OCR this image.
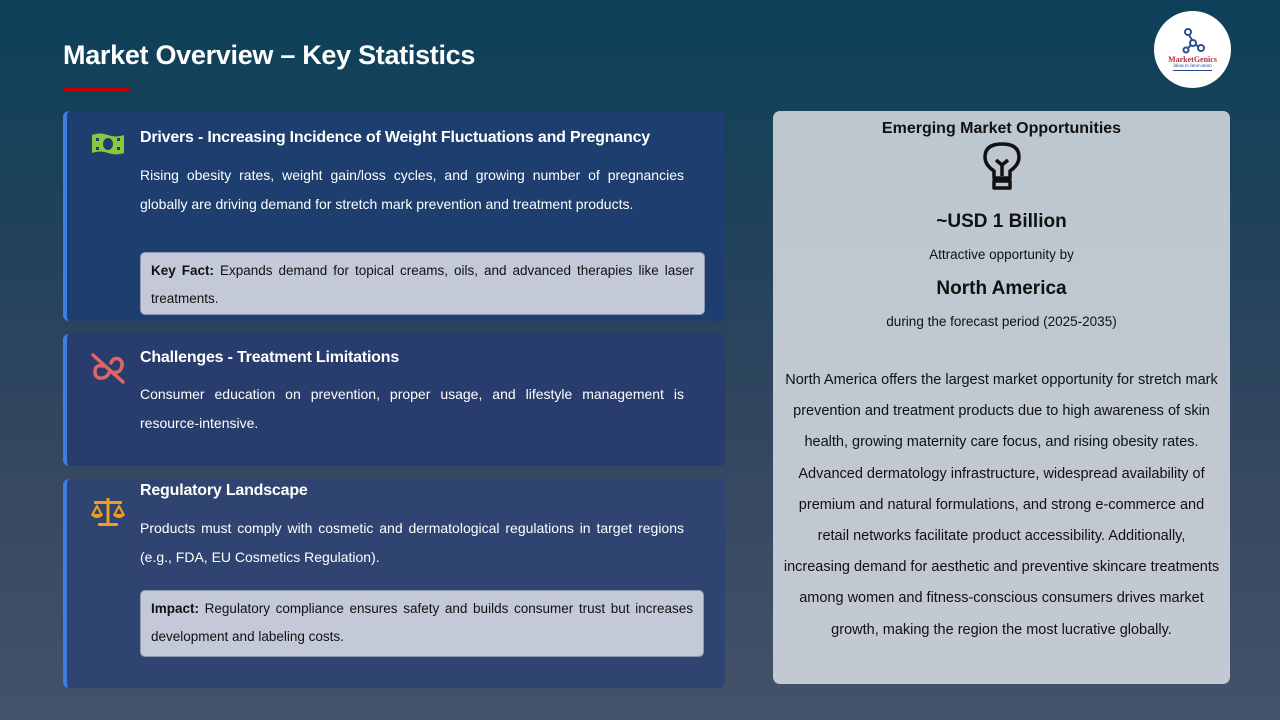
Market Overview – Key Statistics	MarketGenics
Ideas to Innovation
Drivers - Increasing Incidence of Weight Fluctuations and Pregnancy
Rising obesity rates, weight gain/loss cycles, and growing number of pregnancies globally are driving demand for stretch mark prevention and treatment products.
Key Fact: Expands demand for topical creams, oils, and advanced therapies like laser treatments.
Challenges - Treatment Limitations
Consumer education on prevention, proper usage, and lifestyle management is resource-intensive.
Regulatory Landscape
Products must comply with cosmetic and dermatological regulations in target regions (e.g., FDA, EU Cosmetics Regulation).
Impact: Regulatory compliance ensures safety and builds consumer trust but increases development and labeling costs.
Emerging Market Opportunities
~USD 1 Billion
Attractive opportunity by
North America
during the forecast period (2025-2035)
North America offers the largest market opportunity for stretch mark prevention and treatment products due to high awareness of skin health, growing maternity care focus, and rising obesity rates. Advanced dermatology infrastructure, widespread availability of premium and natural formulations, and strong e-commerce and retail networks facilitate product accessibility. Additionally, increasing demand for aesthetic and preventive skincare treatments among women and fitness-conscious consumers drives market growth, making the region the most lucrative globally.
